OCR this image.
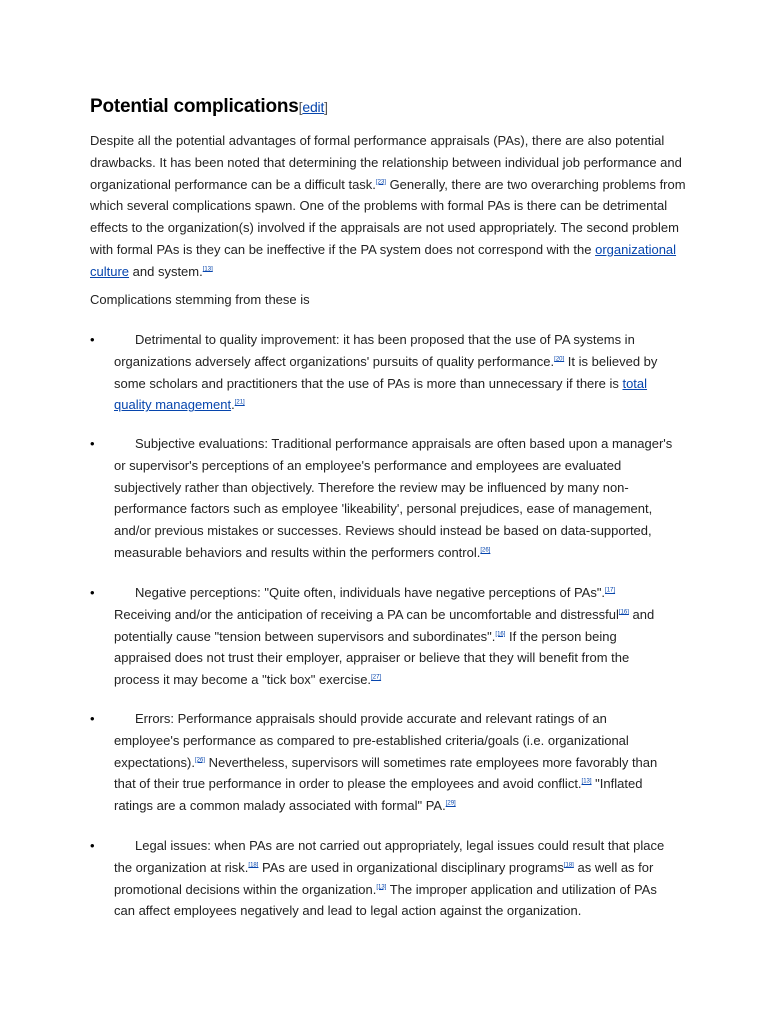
Potential complications[edit]

Despite all the potential advantages of formal performance appraisals (PAs), there are also potential drawbacks. It has been noted that determining the relationship between individual job performance and organizational performance can be a difficult task.[23] Generally, there are two overarching problems from which several complications spawn. One of the problems with formal PAs is there can be detrimental effects to the organization(s) involved if the appraisals are not used appropriately. The second problem with formal PAs is they can be ineffective if the PA system does not correspond with the organizational culture and system.[13]

Complications stemming from these is

•	Detrimental to quality improvement: it has been proposed that the use of PA systems in organizations adversely affect organizations' pursuits of quality performance.[20] It is believed by some scholars and practitioners that the use of PAs is more than unnecessary if there is total quality management.[21]

•	Subjective evaluations: Traditional performance appraisals are often based upon a manager's or supervisor's perceptions of an employee's performance and employees are evaluated subjectively rather than objectively. Therefore the review may be influenced by many non-performance factors such as employee 'likeability', personal prejudices, ease of management, and/or previous mistakes or successes. Reviews should instead be based on data-supported, measurable behaviors and results within the performers control.[26]

•	Negative perceptions: "Quite often, individuals have negative perceptions of PAs".[17] Receiving and/or the anticipation of receiving a PA can be uncomfortable and distressful[16] and potentially cause "tension between supervisors and subordinates".[16] If the person being appraised does not trust their employer, appraiser or believe that they will benefit from the process it may become a "tick box" exercise.[27]

•	Errors: Performance appraisals should provide accurate and relevant ratings of an employee's performance as compared to pre-established criteria/goals (i.e. organizational expectations).[26] Nevertheless, supervisors will sometimes rate employees more favorably than that of their true performance in order to please the employees and avoid conflict.[13] "Inflated ratings are a common malady associated with formal" PA.[29]

•	Legal issues: when PAs are not carried out appropriately, legal issues could result that place the organization at risk.[18] PAs are used in organizational disciplinary programs[18] as well as for promotional decisions within the organization.[13] The improper application and utilization of PAs can affect employees negatively and lead to legal action against the organization.
